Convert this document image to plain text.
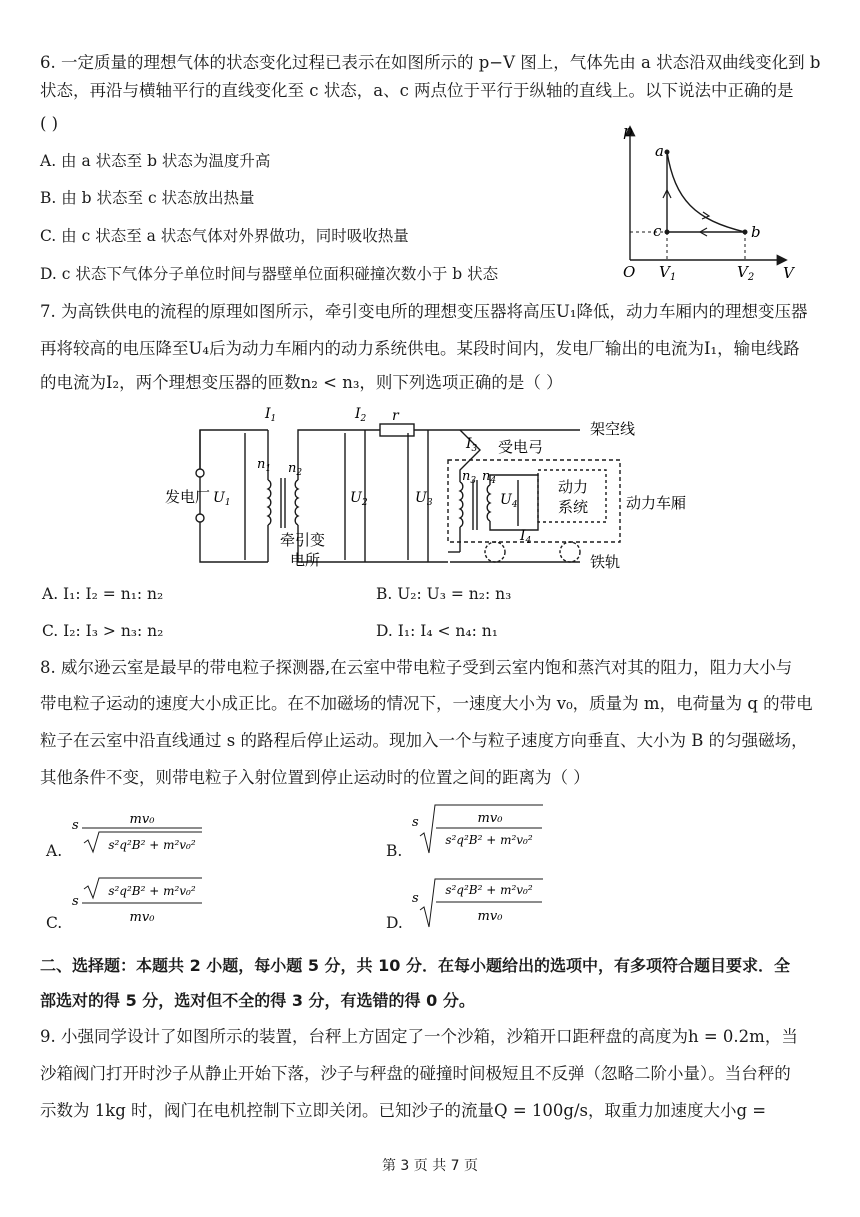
6. 一定质量的理想气体的状态变化过程已表示在如图所示的 p−V 图上，气体先由 a 状态沿双曲线变化到 b
状态，再沿与横轴平行的直线变化至 c 状态，a、c 两点位于平行于纵轴的直线上。以下说法中正确的是
( )
A. 由 a 状态至 b 状态为温度升高
B. 由 b 状态至 c 状态放出热量
C. 由 c 状态至 a 状态气体对外界做功，同时吸收热量
D. c 状态下气体分子单位时间与器壁单位面积碰撞次数小于 b 状态
p
V
O
a
b
c
$V_1$	$V_2$
7. 为高铁供电的流程的原理如图所示，牵引变电所的理想变压器将高压U₁降低，动力车厢内的理想变压器
再将较高的电压降至U₄后为动力车厢内的动力系统供电。某段时间内，发电厂输出的电流为I₁，输电线路
的电流为I₂，两个理想变压器的匝数n₂ < n₃，则下列选项正确的是（ ）
$I_1$	$I_2$ r
$I_3$
$I_4$
$U_1$	$U_2$	$U_3$	$U_4$
$n_1$ $n_2$	$n_3$ $n_4$
发电厂
牵引变
电所
架空线
受电弓
动力
系统	动力车厢
铁轨
A. I₁: I₂ = n₁: n₂	B. U₂: U₃ = n₂: n₃
C. I₂: I₃ > n₃: n₂	D. I₁: I₄ < n₄: n₁
8. 威尔逊云室是最早的带电粒子探测器,在云室中带电粒子受到云室内饱和蒸汽对其的阻力，阻力大小与
带电粒子运动的速度大小成正比。在不加磁场的情况下，一速度大小为 v₀，质量为 m，电荷量为 q 的带电
粒子在云室中沿直线通过 s 的路程后停止运动。现加入一个与粒子速度方向垂直、大小为 B 的匀强磁场，
其他条件不变，则带电粒子入射位置到停止运动时的位置之间的距离为（ ）
A.
s	mv₀
s²q²B² + m²v₀²	B.
s	mv₀
s²q²B² + m²v₀²
C.
s
s²q²B² + m²v₀²
mv₀	D.
s
s²q²B² + m²v₀²
mv₀
二、选择题：本题共 2 小题，每小题 5 分，共 10 分．在每小题给出的选项中，有多项符合题目要求．全
部选对的得 5 分，选对但不全的得 3 分，有选错的得 0 分。
9. 小强同学设计了如图所示的装置，台秤上方固定了一个沙箱，沙箱开口距秤盘的高度为h = 0.2m，当
沙箱阀门打开时沙子从静止开始下落，沙子与秤盘的碰撞时间极短且不反弹（忽略二阶小量）。当台秤的
示数为 1kg 时，阀门在电机控制下立即关闭。已知沙子的流量Q = 100g/s，取重力加速度大小g =
第 3 页 共 7 页
